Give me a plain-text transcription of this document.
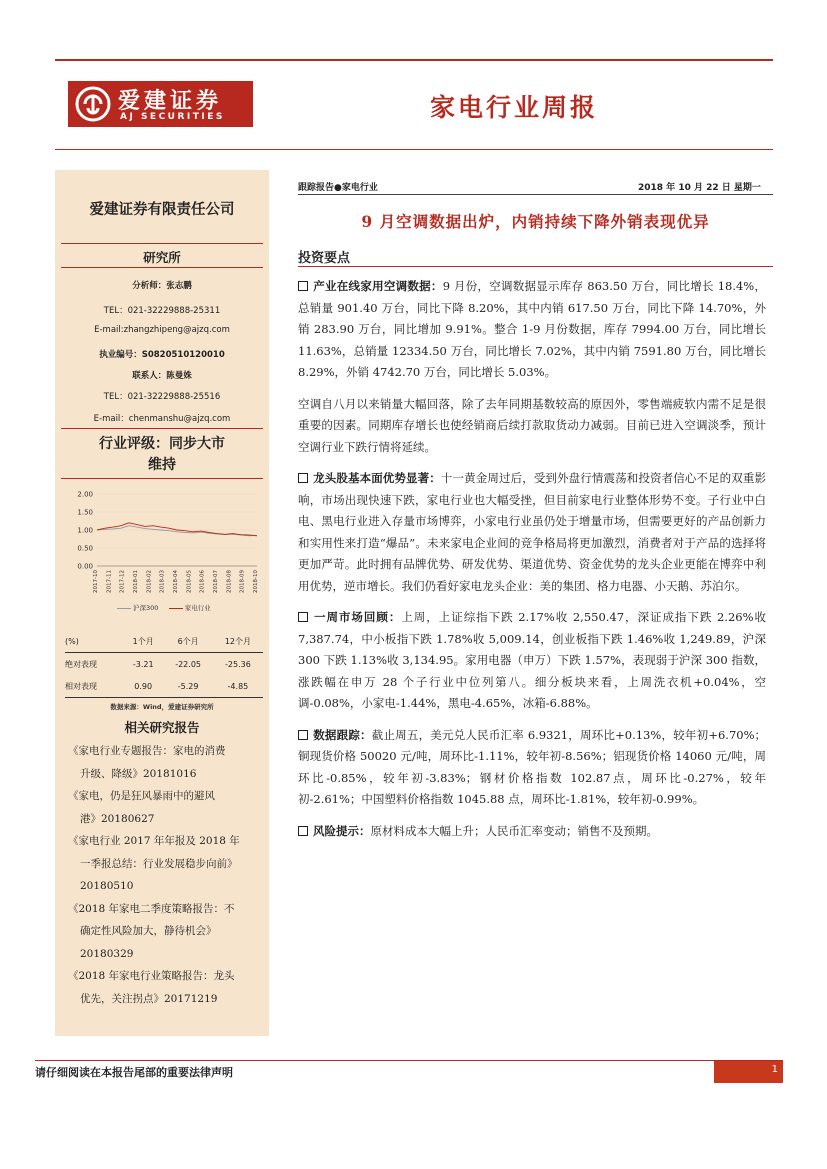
爱建证券
AJ SECURITIES	家电行业周报
爱建证券有限责任公司
研究所
分析师：张志鹏
TEL：021-32229888-25311
E-mail:zhangzhipeng@ajzq.com
执业编号：S0820510120010
联系人：陈曼姝
TEL：021-32229888-25516
E-mail：chenmanshu@ajzq.com
行业评级：同步大市
维持
2.00
1.50
1.00
0.50
0.00
2017-10 2017-11 2017-12 2018-01 2018-02 2018-03 2018-04 2018-05 2018-06 2018-07 2018-08 2018-09 2018-10
沪深300	家电行业
(%)	1个月	6个月	12个月
绝对表现	-3.21	-22.05	-25.36
相对表现	0.90	-5.29	-4.85
数据来源：Wind，爱建证券研究所
相关研究报告
《家电行业专题报告：家电的消费
升级、降级》20181016
《家电，仍是狂风暴雨中的避风
港》20180627
《家电行业 2017 年年报及 2018 年
一季报总结：行业发展稳步向前》
20180510
《2018 年家电二季度策略报告：不
确定性风险加大，静待机会》
20180329
《2018 年家电行业策略报告：龙头
优先，关注拐点》20171219
跟踪报告●家电行业	2018 年 10 月 22 日 星期一
9 月空调数据出炉，内销持续下降外销表现优异
投资要点

产业在线家用空调数据：9 月份，空调数据显示库存 863.50 万台，同比增长 18.4%，总销量 901.40 万台，同比下降 8.20%，其中内销 617.50 万台，同比下降 14.70%，外销 283.90 万台，同比增加 9.91%。整合 1-9 月份数据，库存 7994.00 万台，同比增长 11.63%，总销量 12334.50 万台，同比增长 7.02%，其中内销 7591.80 万台，同比增长 8.29%，外销 4742.70 万台，同比增长 5.03%。

空调自八月以来销量大幅回落，除了去年同期基数较高的原因外，零售端疲软内需不足是很重要的因素。同期库存增长也使经销商后续打款取货动力减弱。目前已进入空调淡季，预计空调行业下跌行情将延续。

龙头股基本面优势显著：十一黄金周过后，受到外盘行情震荡和投资者信心不足的双重影响，市场出现快速下跌，家电行业也大幅受挫，但目前家电行业整体形势不变。子行业中白电、黑电行业进入存量市场博弈，小家电行业虽仍处于增量市场，但需要更好的产品创新力和实用性来打造“爆品”。未来家电企业间的竞争格局将更加激烈，消费者对于产品的选择将更加严苛。此时拥有品牌优势、研发优势、渠道优势、资金优势的龙头企业更能在博弈中利用优势，逆市增长。我们仍看好家电龙头企业：美的集团、格力电器、小天鹅、苏泊尔。

一周市场回顾：上周，上证综指下跌 2.17%收 2,550.47，深证成指下跌 2.26%收 7,387.74，中小板指下跌 1.78%收 5,009.14，创业板指下跌 1.46%收 1,249.89，沪深 300 下跌 1.13%收 3,134.95。家用电器（申万）下跌 1.57%，表现弱于沪深 300 指数，涨跌幅在申万 28 个子行业中位列第八。细分板块来看，上周洗衣机+0.04%，空调-0.08%，小家电-1.44%，黑电-4.65%，冰箱-6.88%。

数据跟踪：截止周五，美元兑人民币汇率 6.9321，周环比+0.13%，较年初+6.70%；铜现货价格 50020 元/吨，周环比-1.11%，较年初-8.56%；铝现货价格 14060 元/吨，周环比-0.85%，较年初-3.83%；钢材价格指数 102.87点，周环比-0.27%，较年初-2.61%；中国塑料价格指数 1045.88 点，周环比-1.81%，较年初-0.99%。

风险提示：原材料成本大幅上升；人民币汇率变动；销售不及预期。

请仔细阅读在本报告尾部的重要法律声明	1
